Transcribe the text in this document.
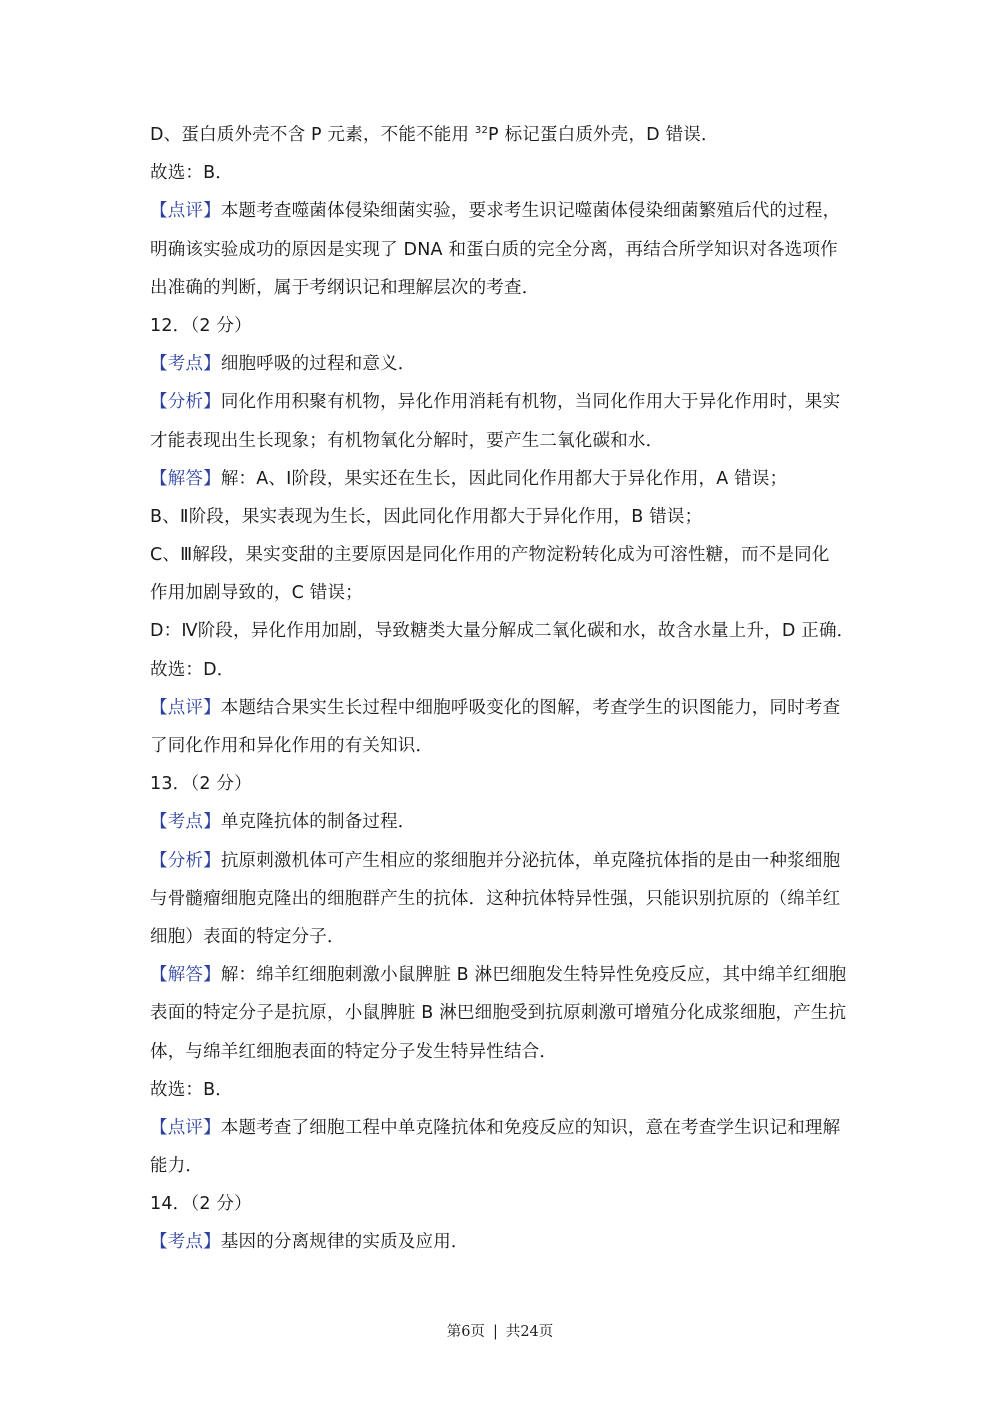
D、蛋白质外壳不含 P 元素，不能不能用 $^{32}$P 标记蛋白质外壳，D 错误．
故选：B．
【点评】本题考查噬菌体侵染细菌实验，要求考生识记噬菌体侵染细菌繁殖后代的过程，
明确该实验成功的原因是实现了 DNA 和蛋白质的完全分离，再结合所学知识对各选项作
出准确的判断，属于考纲识记和理解层次的考查．
12．（2 分）
【考点】细胞呼吸的过程和意义．
【分析】同化作用积聚有机物，异化作用消耗有机物，当同化作用大于异化作用时，果实
才能表现出生长现象；有机物氧化分解时，要产生二氧化碳和水．
【解答】解：A、Ⅰ阶段，果实还在生长，因此同化作用都大于异化作用，A 错误；
B、Ⅱ阶段，果实表现为生长，因此同化作用都大于异化作用，B 错误；
C、Ⅲ解段，果实变甜的主要原因是同化作用的产物淀粉转化成为可溶性糖，而不是同化
作用加剧导致的，C 错误；
D：Ⅳ阶段，异化作用加剧，导致糖类大量分解成二氧化碳和水，故含水量上升，D 正确．
故选：D．
【点评】本题结合果实生长过程中细胞呼吸变化的图解，考查学生的识图能力，同时考查
了同化作用和异化作用的有关知识．
13．（2 分）
【考点】单克隆抗体的制备过程．
【分析】抗原刺激机体可产生相应的浆细胞并分泌抗体，单克隆抗体指的是由一种浆细胞
与骨髓瘤细胞克隆出的细胞群产生的抗体．这种抗体特异性强，只能识别抗原的（绵羊红
细胞）表面的特定分子．
【解答】解：绵羊红细胞刺激小鼠脾脏 B 淋巴细胞发生特异性免疫反应，其中绵羊红细胞
表面的特定分子是抗原，小鼠脾脏 B 淋巴细胞受到抗原刺激可增殖分化成浆细胞，产生抗
体，与绵羊红细胞表面的特定分子发生特异性结合．
故选：B．
【点评】本题考查了细胞工程中单克隆抗体和免疫反应的知识，意在考查学生识记和理解
能力．
14．（2 分）
【考点】基因的分离规律的实质及应用．
第6页 | 共24页
